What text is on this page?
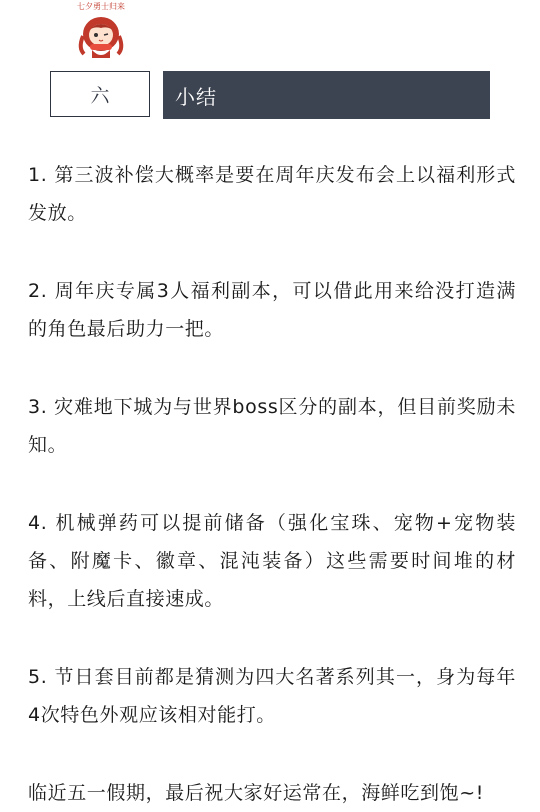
七夕勇士归来
六	小结

1. 第三波补偿大概率是要在周年庆发布会上以福利形式发放。

2. 周年庆专属3人福利副本，可以借此用来给没打造满的角色最后助力一把。

3. 灾难地下城为与世界boss区分的副本，但目前奖励未知。

4. 机械弹药可以提前储备（强化宝珠、宠物+宠物装备、附魔卡、徽章、混沌装备）这些需要时间堆的材料，上线后直接速成。

5. 节日套目前都是猜测为四大名著系列其一，身为每年4次特色外观应该相对能打。

临近五一假期，最后祝大家好运常在，海鲜吃到饱~!
